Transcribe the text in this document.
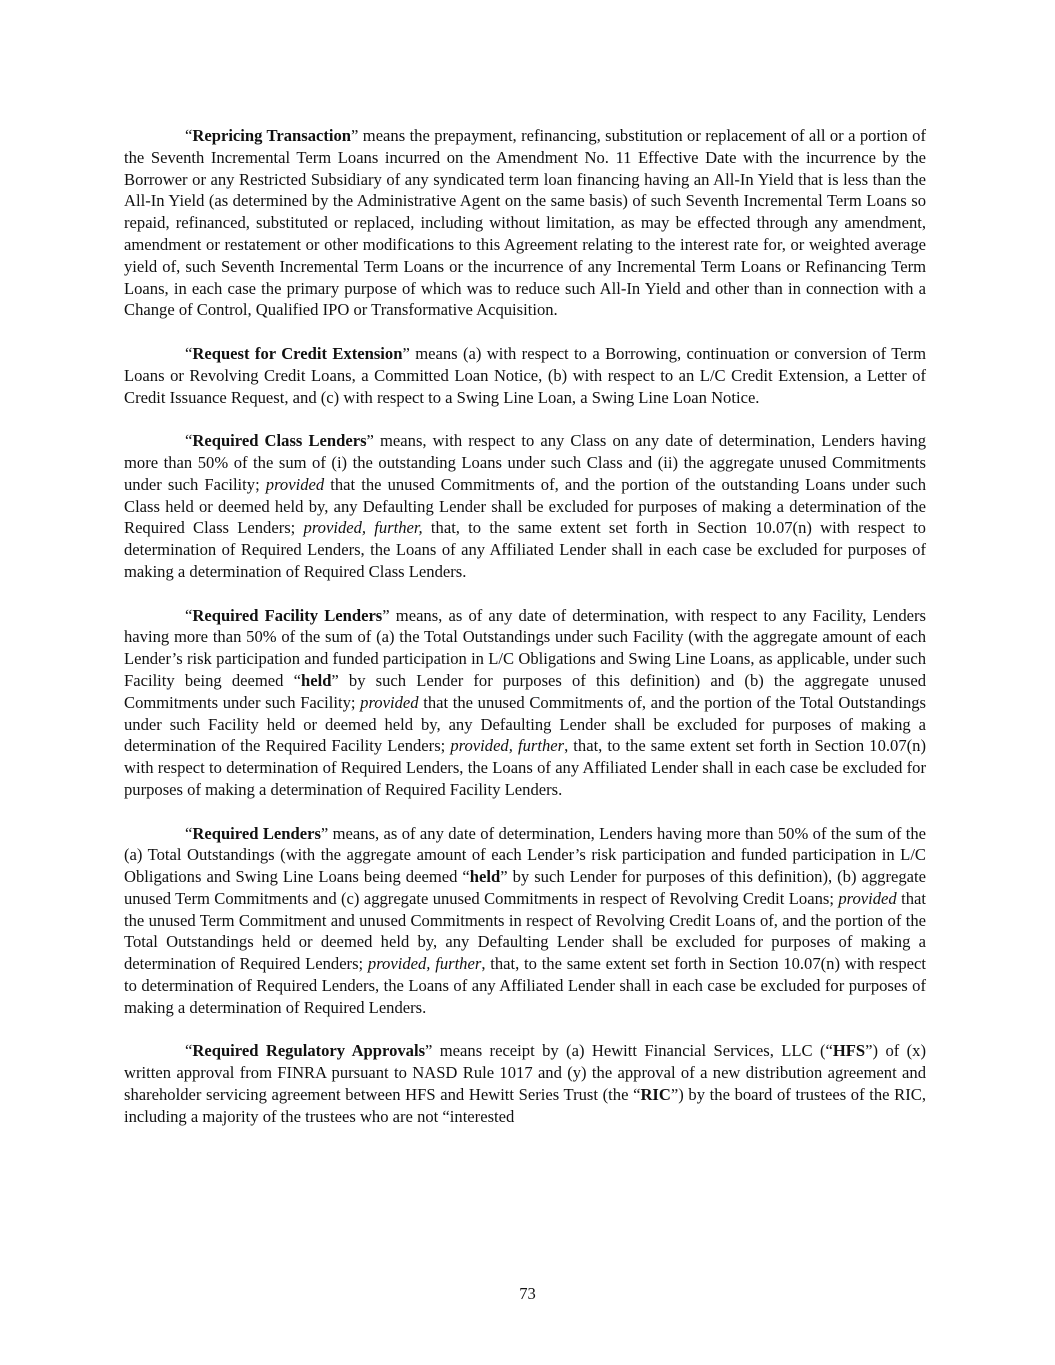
“Repricing Transaction” means the prepayment, refinancing, substitution or replacement of all or a portion of the Seventh Incremental Term Loans incurred on the Amendment No. 11 Effective Date with the incurrence by the Borrower or any Restricted Subsidiary of any syndicated term loan financing having an All-In Yield that is less than the All-In Yield (as determined by the Administrative Agent on the same basis) of such Seventh Incremental Term Loans so repaid, refinanced, substituted or replaced, including without limitation, as may be effected through any amendment, amendment or restatement or other modifications to this Agreement relating to the interest rate for, or weighted average yield of, such Seventh Incremental Term Loans or the incurrence of any Incremental Term Loans or Refinancing Term Loans, in each case the primary purpose of which was to reduce such All-In Yield and other than in connection with a Change of Control, Qualified IPO or Transformative Acquisition.

“Request for Credit Extension” means (a) with respect to a Borrowing, continuation or conversion of Term Loans or Revolving Credit Loans, a Committed Loan Notice, (b) with respect to an L/C Credit Extension, a Letter of Credit Issuance Request, and (c) with respect to a Swing Line Loan, a Swing Line Loan Notice.

“Required Class Lenders” means, with respect to any Class on any date of determination, Lenders having more than 50% of the sum of (i) the outstanding Loans under such Class and (ii) the aggregate unused Commitments under such Facility; provided that the unused Commitments of, and the portion of the outstanding Loans under such Class held or deemed held by, any Defaulting Lender shall be excluded for purposes of making a determination of the Required Class Lenders; provided, further, that, to the same extent set forth in Section 10.07(n) with respect to determination of Required Lenders, the Loans of any Affiliated Lender shall in each case be excluded for purposes of making a determination of Required Class Lenders.

“Required Facility Lenders” means, as of any date of determination, with respect to any Facility, Lenders having more than 50% of the sum of (a) the Total Outstandings under such Facility (with the aggregate amount of each Lender’s risk participation and funded participation in L/C Obligations and Swing Line Loans, as applicable, under such Facility being deemed “held” by such Lender for purposes of this definition) and (b) the aggregate unused Commitments under such Facility; provided that the unused Commitments of, and the portion of the Total Outstandings under such Facility held or deemed held by, any Defaulting Lender shall be excluded for purposes of making a determination of the Required Facility Lenders; provided, further, that, to the same extent set forth in Section 10.07(n) with respect to determination of Required Lenders, the Loans of any Affiliated Lender shall in each case be excluded for purposes of making a determination of Required Facility Lenders.

“Required Lenders” means, as of any date of determination, Lenders having more than 50% of the sum of the (a) Total Outstandings (with the aggregate amount of each Lender’s risk participation and funded participation in L/C Obligations and Swing Line Loans being deemed “held” by such Lender for purposes of this definition), (b) aggregate unused Term Commitments and (c) aggregate unused Commitments in respect of Revolving Credit Loans; provided that the unused Term Commitment and unused Commitments in respect of Revolving Credit Loans of, and the portion of the Total Outstandings held or deemed held by, any Defaulting Lender shall be excluded for purposes of making a determination of Required Lenders; provided, further, that, to the same extent set forth in Section 10.07(n) with respect to determination of Required Lenders, the Loans of any Affiliated Lender shall in each case be excluded for purposes of making a determination of Required Lenders.

“Required Regulatory Approvals” means receipt by (a) Hewitt Financial Services, LLC (“HFS”) of (x) written approval from FINRA pursuant to NASD Rule 1017 and (y) the approval of a new distribution agreement and shareholder servicing agreement between HFS and Hewitt Series Trust (the “RIC”) by the board of trustees of the RIC, including a majority of the trustees who are not “interested

73
